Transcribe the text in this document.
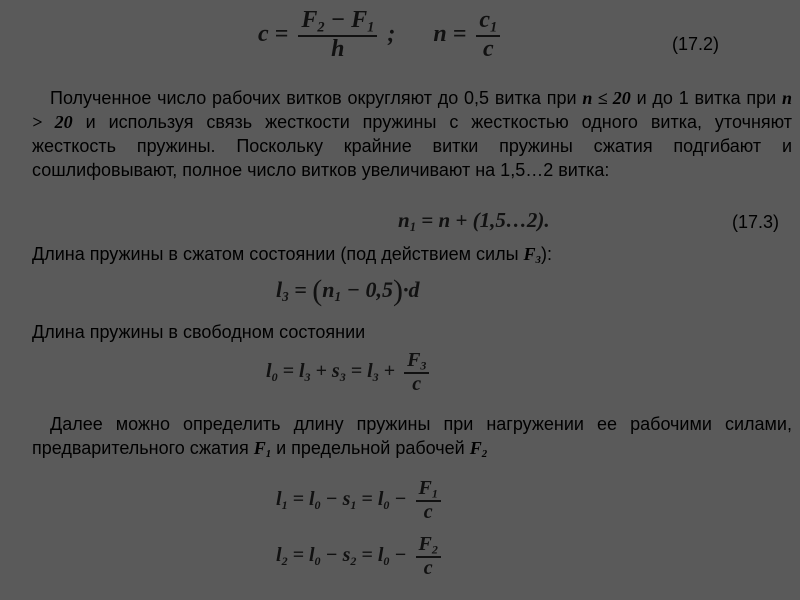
$c = \frac{F_2 - F_1}{h}$ ; $n = \frac{c_1}{c}$	(17.2)
Полученное число рабочих витков округляют до 0,5 витка при n ≤ 20 и до 1 витка при n > 20 и используя связь жесткости пружины с жесткостью одного витка, уточняют жесткость пружины. Поскольку крайние витки пружины сжатия подгибают и сошлифовывают, полное число витков увеличивают на 1,5…2 витка:
$n_1 = n$ + (1,5…2).	(17.3)
Длина пружины в сжатом состоянии (под действием силы $F_3$):
$l_3 = (n_1 - 0,5)\cdot d$
Длина пружины в свободном состоянии
$l_0 = l_3 + s_3 = l_3 + \frac{F_3}{c}$
Далее можно определить длину пружины при нагружении ее рабочими силами, предварительного сжатия $F_1$ и предельной рабочей $F_2$
$l_1 = l_0 - s_1 = l_0 - \frac{F_1}{c}$
$l_2 = l_0 - s_2 = l_0 - \frac{F_2}{c}$
